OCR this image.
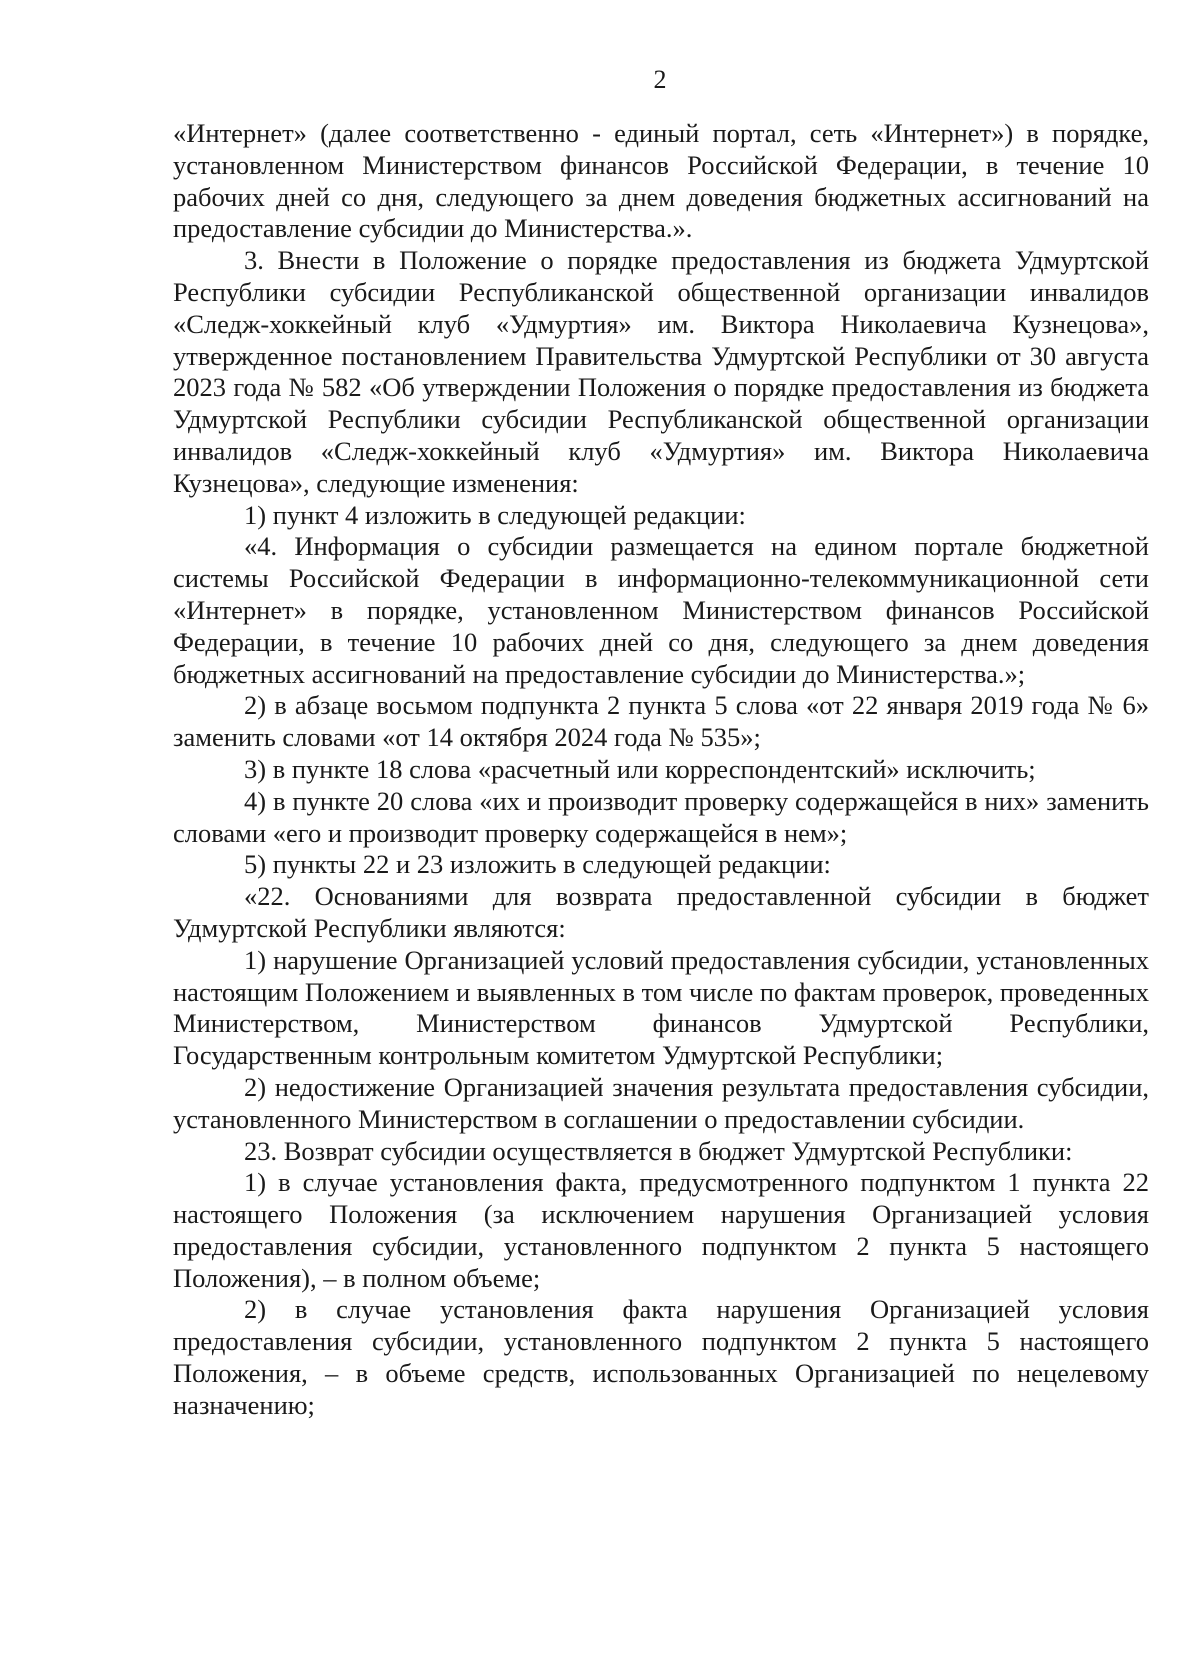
2

«Интернет» (далее соответственно - единый портал, сеть «Интернет») в порядке, установленном Министерством финансов Российской Федерации, в течение 10 рабочих дней со дня, следующего за днем доведения бюджетных ассигнований на предоставление субсидии до Министерства.».

3. Внести в Положение о порядке предоставления из бюджета Удмуртской Республики субсидии Республиканской общественной организации инвалидов «Следж-хоккейный клуб «Удмуртия» им. Виктора Николаевича Кузнецова», утвержденное постановлением Правительства Удмуртской Республики от 30 августа 2023 года № 582 «Об утверждении Положения о порядке предоставления из бюджета Удмуртской Республики субсидии Республиканской общественной организации инвалидов «Следж-хоккейный клуб «Удмуртия» им. Виктора Николаевича Кузнецова», следующие изменения:

1) пункт 4 изложить в следующей редакции:

«4. Информация о субсидии размещается на едином портале бюджетной системы Российской Федерации в информационно-телекоммуникационной сети «Интернет» в порядке, установленном Министерством финансов Российской Федерации, в течение 10 рабочих дней со дня, следующего за днем доведения бюджетных ассигнований на предоставление субсидии до Министерства.»;

2) в абзаце восьмом подпункта 2 пункта 5 слова «от 22 января 2019 года № 6» заменить словами «от 14 октября 2024 года № 535»;

3) в пункте 18 слова «расчетный или корреспондентский» исключить;

4) в пункте 20 слова «их и производит проверку содержащейся в них» заменить словами «его и производит проверку содержащейся в нем»;

5) пункты 22 и 23 изложить в следующей редакции:

«22. Основаниями для возврата предоставленной субсидии в бюджет Удмуртской Республики являются:

1) нарушение Организацией условий предоставления субсидии, установленных настоящим Положением и выявленных в том числе по фактам проверок, проведенных Министерством, Министерством финансов Удмуртской Республики, Государственным контрольным комитетом Удмуртской Республики;

2) недостижение Организацией значения результата предоставления субсидии, установленного Министерством в соглашении о предоставлении субсидии.

23. Возврат субсидии осуществляется в бюджет Удмуртской Республики:

1) в случае установления факта, предусмотренного подпунктом 1 пункта 22 настоящего Положения (за исключением нарушения Организацией условия предоставления субсидии, установленного подпунктом 2 пункта 5 настоящего Положения), – в полном объеме;

2) в случае установления факта нарушения Организацией условия предоставления субсидии, установленного подпунктом 2 пункта 5 настоящего Положения, – в объеме средств, использованных Организацией по нецелевому назначению;
